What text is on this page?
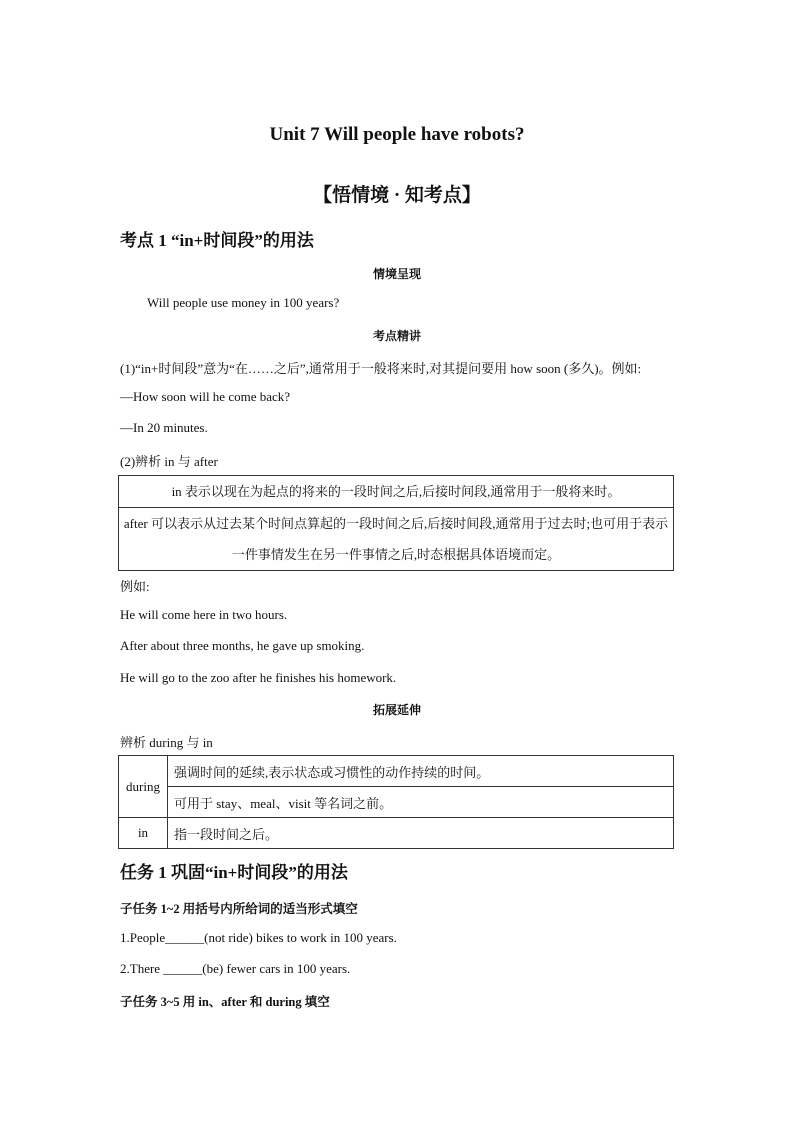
Unit 7 Will people have robots?
【悟情境 · 知考点】
考点 1 “in+时间段”的用法
情境呈现
Will people use money in 100 years?
考点精讲
(1)“in+时间段”意为“在……之后”,通常用于一般将来时,对其提问要用 how soon (多久)。例如:
—How soon will he come back?
—In 20 minutes.
(2)辨析 in 与 after
in 表示以现在为起点的将来的一段时间之后,后接时间段,通常用于一般将来时。
after 可以表示从过去某个时间点算起的一段时间之后,后接时间段,通常用于过去时;也可用于表示一件事情发生在另一件事情之后,时态根据具体语境而定。
例如:
He will come here in two hours.
After about three months, he gave up smoking.
He will go to the zoo after he finishes his homework.
拓展延伸
辨析 during 与 in
during	强调时间的延续,表示状态或习惯性的动作持续的时间。
	可用于 stay、meal、visit 等名词之前。
in	指一段时间之后。
任务 1 巩固“in+时间段”的用法
子任务 1~2 用括号内所给词的适当形式填空
1.People______(not ride) bikes to work in 100 years.
2.There ______(be) fewer cars in 100 years.
子任务 3~5 用 in、after 和 during 填空
